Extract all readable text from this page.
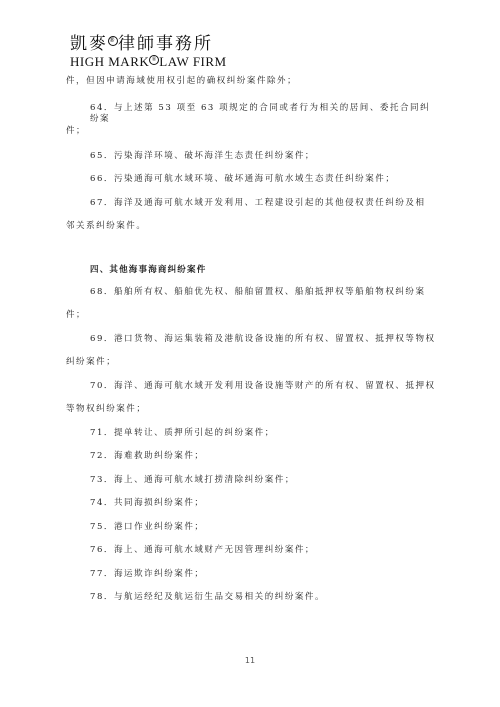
凱麥®律師事務所
HIGH MARK ® LAW FIRM

件，但因申请海域使用权引起的确权纠纷案件除外；

64．与上述第 53 项至 63 项规定的合同或者行为相关的居间、委托合同纠纷案

件；

65．污染海洋环境、破坏海洋生态责任纠纷案件；

66．污染通海可航水域环境、破坏通海可航水域生态责任纠纷案件；

67．海洋及通海可航水域开发利用、工程建设引起的其他侵权责任纠纷及相

邻关系纠纷案件。

四、其他海事海商纠纷案件

68．船舶所有权、船舶优先权、船舶留置权、船舶抵押权等船舶物权纠纷案

件；

69．港口货物、海运集装箱及港航设备设施的所有权、留置权、抵押权等物权

纠纷案件；

70．海洋、通海可航水域开发利用设备设施等财产的所有权、留置权、抵押权

等物权纠纷案件；

71．提单转让、质押所引起的纠纷案件；

72．海难救助纠纷案件；

73．海上、通海可航水域打捞清除纠纷案件；

74．共同海损纠纷案件；

75．港口作业纠纷案件；

76．海上、通海可航水域财产无因管理纠纷案件；

77．海运欺诈纠纷案件；

78．与航运经纪及航运衍生品交易相关的纠纷案件。

11
